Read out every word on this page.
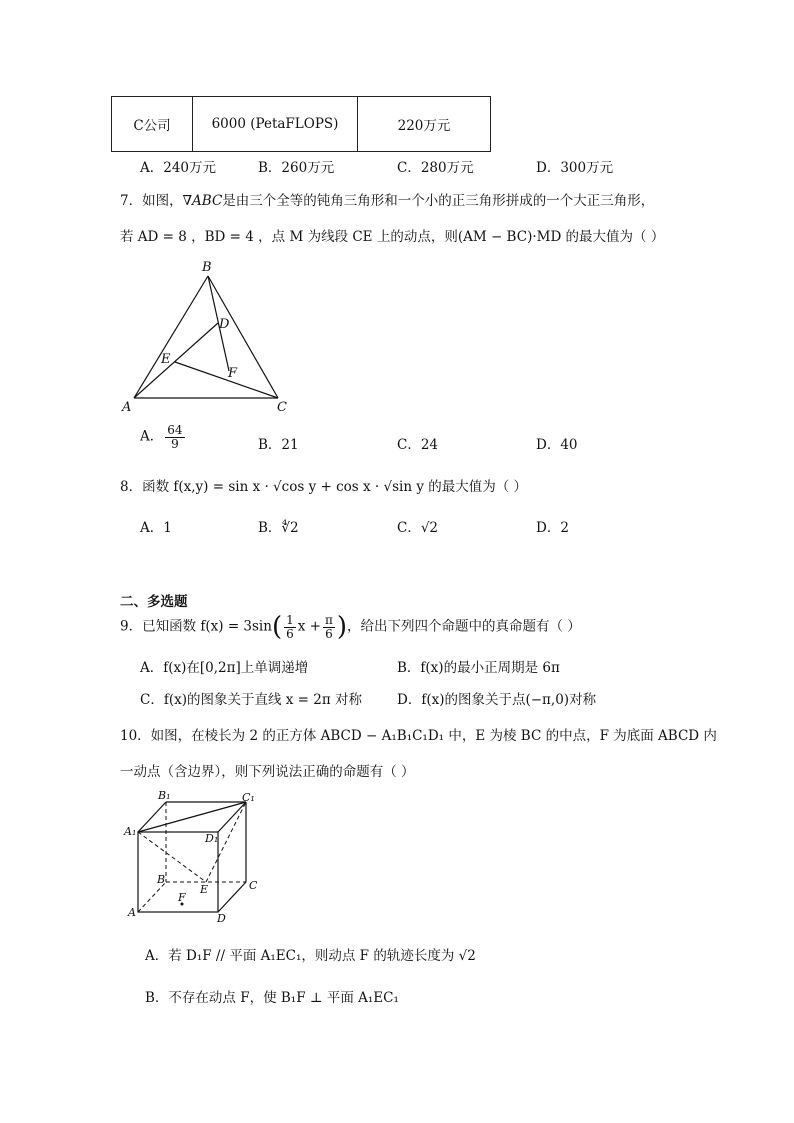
C公司	6000 (PetaFLOPS)	220万元
A．240万元	B．260万元	C．280万元	D．300万元
7．如图，∇ABC是由三个全等的钝角三角形和一个小的正三角形拼成的一个大正三角形，
若 AD = 8 ，BD = 4 ，点 M 为线段 CE 上的动点，则(AM − BC)·MD 的最大值为（ ）
B
D
E
F
A	C
A． $\frac{64}{9}$	B．21	C．24	D．40
8．函数 f(x,y) = sin x · √cos y + cos x · √sin y 的最大值为（ ）
A．1	B．∜2	C．√2	D．2
二、多选题
9．已知函数 $f(x) = 3\sin( \frac{1}{6}$ $x + \frac{\pi}{6}$ )，给出下列四个命题中的真命题有（ ）
A．f(x)在[0,2π]上单调递增	B．f(x)的最小正周期是 6π
C．f(x)的图象关于直线 x = 2π 对称	D．f(x)的图象关于点(−π,0)对称
10．如图，在棱长为 2 的正方体 ABCD − A₁B₁C₁D₁ 中，E 为棱 BC 的中点，F 为底面 ABCD 内
一动点（含边界），则下列说法正确的命题有（ ）
B₁	C₁
A₁
D₁
B	C
E
A
F
D
A．若 D₁F // 平面 A₁EC₁，则动点 F 的轨迹长度为 √2
B．不存在动点 F，使 B₁F ⊥ 平面 A₁EC₁
